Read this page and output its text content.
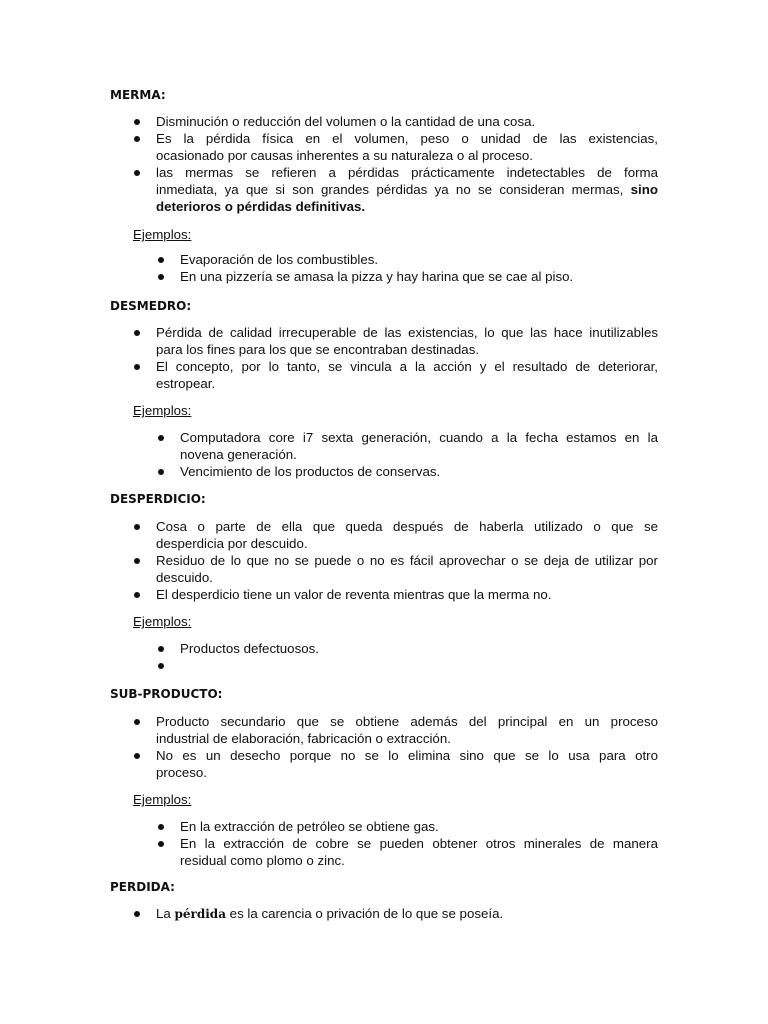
MERMA:
Disminución o reducción del volumen o la cantidad de una cosa.
Es la pérdida física en el volumen, peso o unidad de las existencias,
ocasionado por causas inherentes a su naturaleza o al proceso.
las mermas se refieren a pérdidas prácticamente indetectables de forma
inmediata, ya que si son grandes pérdidas ya no se consideran mermas, sino
deterioros o pérdidas definitivas.
Ejemplos:
Evaporación de los combustibles.
En una pizzería se amasa la pizza y hay harina que se cae al piso.
DESMEDRO:
Pérdida de calidad irrecuperable de las existencias, lo que las hace inutilizables
para los fines para los que se encontraban destinadas.
El concepto, por lo tanto, se vincula a la acción y el resultado de deteriorar,
estropear.
Ejemplos:
Computadora core i7 sexta generación, cuando a la fecha estamos en la
novena generación.
Vencimiento de los productos de conservas.
DESPERDICIO:
Cosa o parte de ella que queda después de haberla utilizado o que se
desperdicia por descuido.
Residuo de lo que no se puede o no es fácil aprovechar o se deja de utilizar por
descuido.
El desperdicio tiene un valor de reventa mientras que la merma no.
Ejemplos:
Productos defectuosos.
SUB-PRODUCTO:
Producto secundario que se obtiene además del principal en un proceso
industrial de elaboración, fabricación o extracción.
No es un desecho porque no se lo elimina sino que se lo usa para otro
proceso.
Ejemplos:
En la extracción de petróleo se obtiene gas.
En la extracción de cobre se pueden obtener otros minerales de manera
residual como plomo o zinc.
PERDIDA:
La pérdida es la carencia o privación de lo que se poseía.
